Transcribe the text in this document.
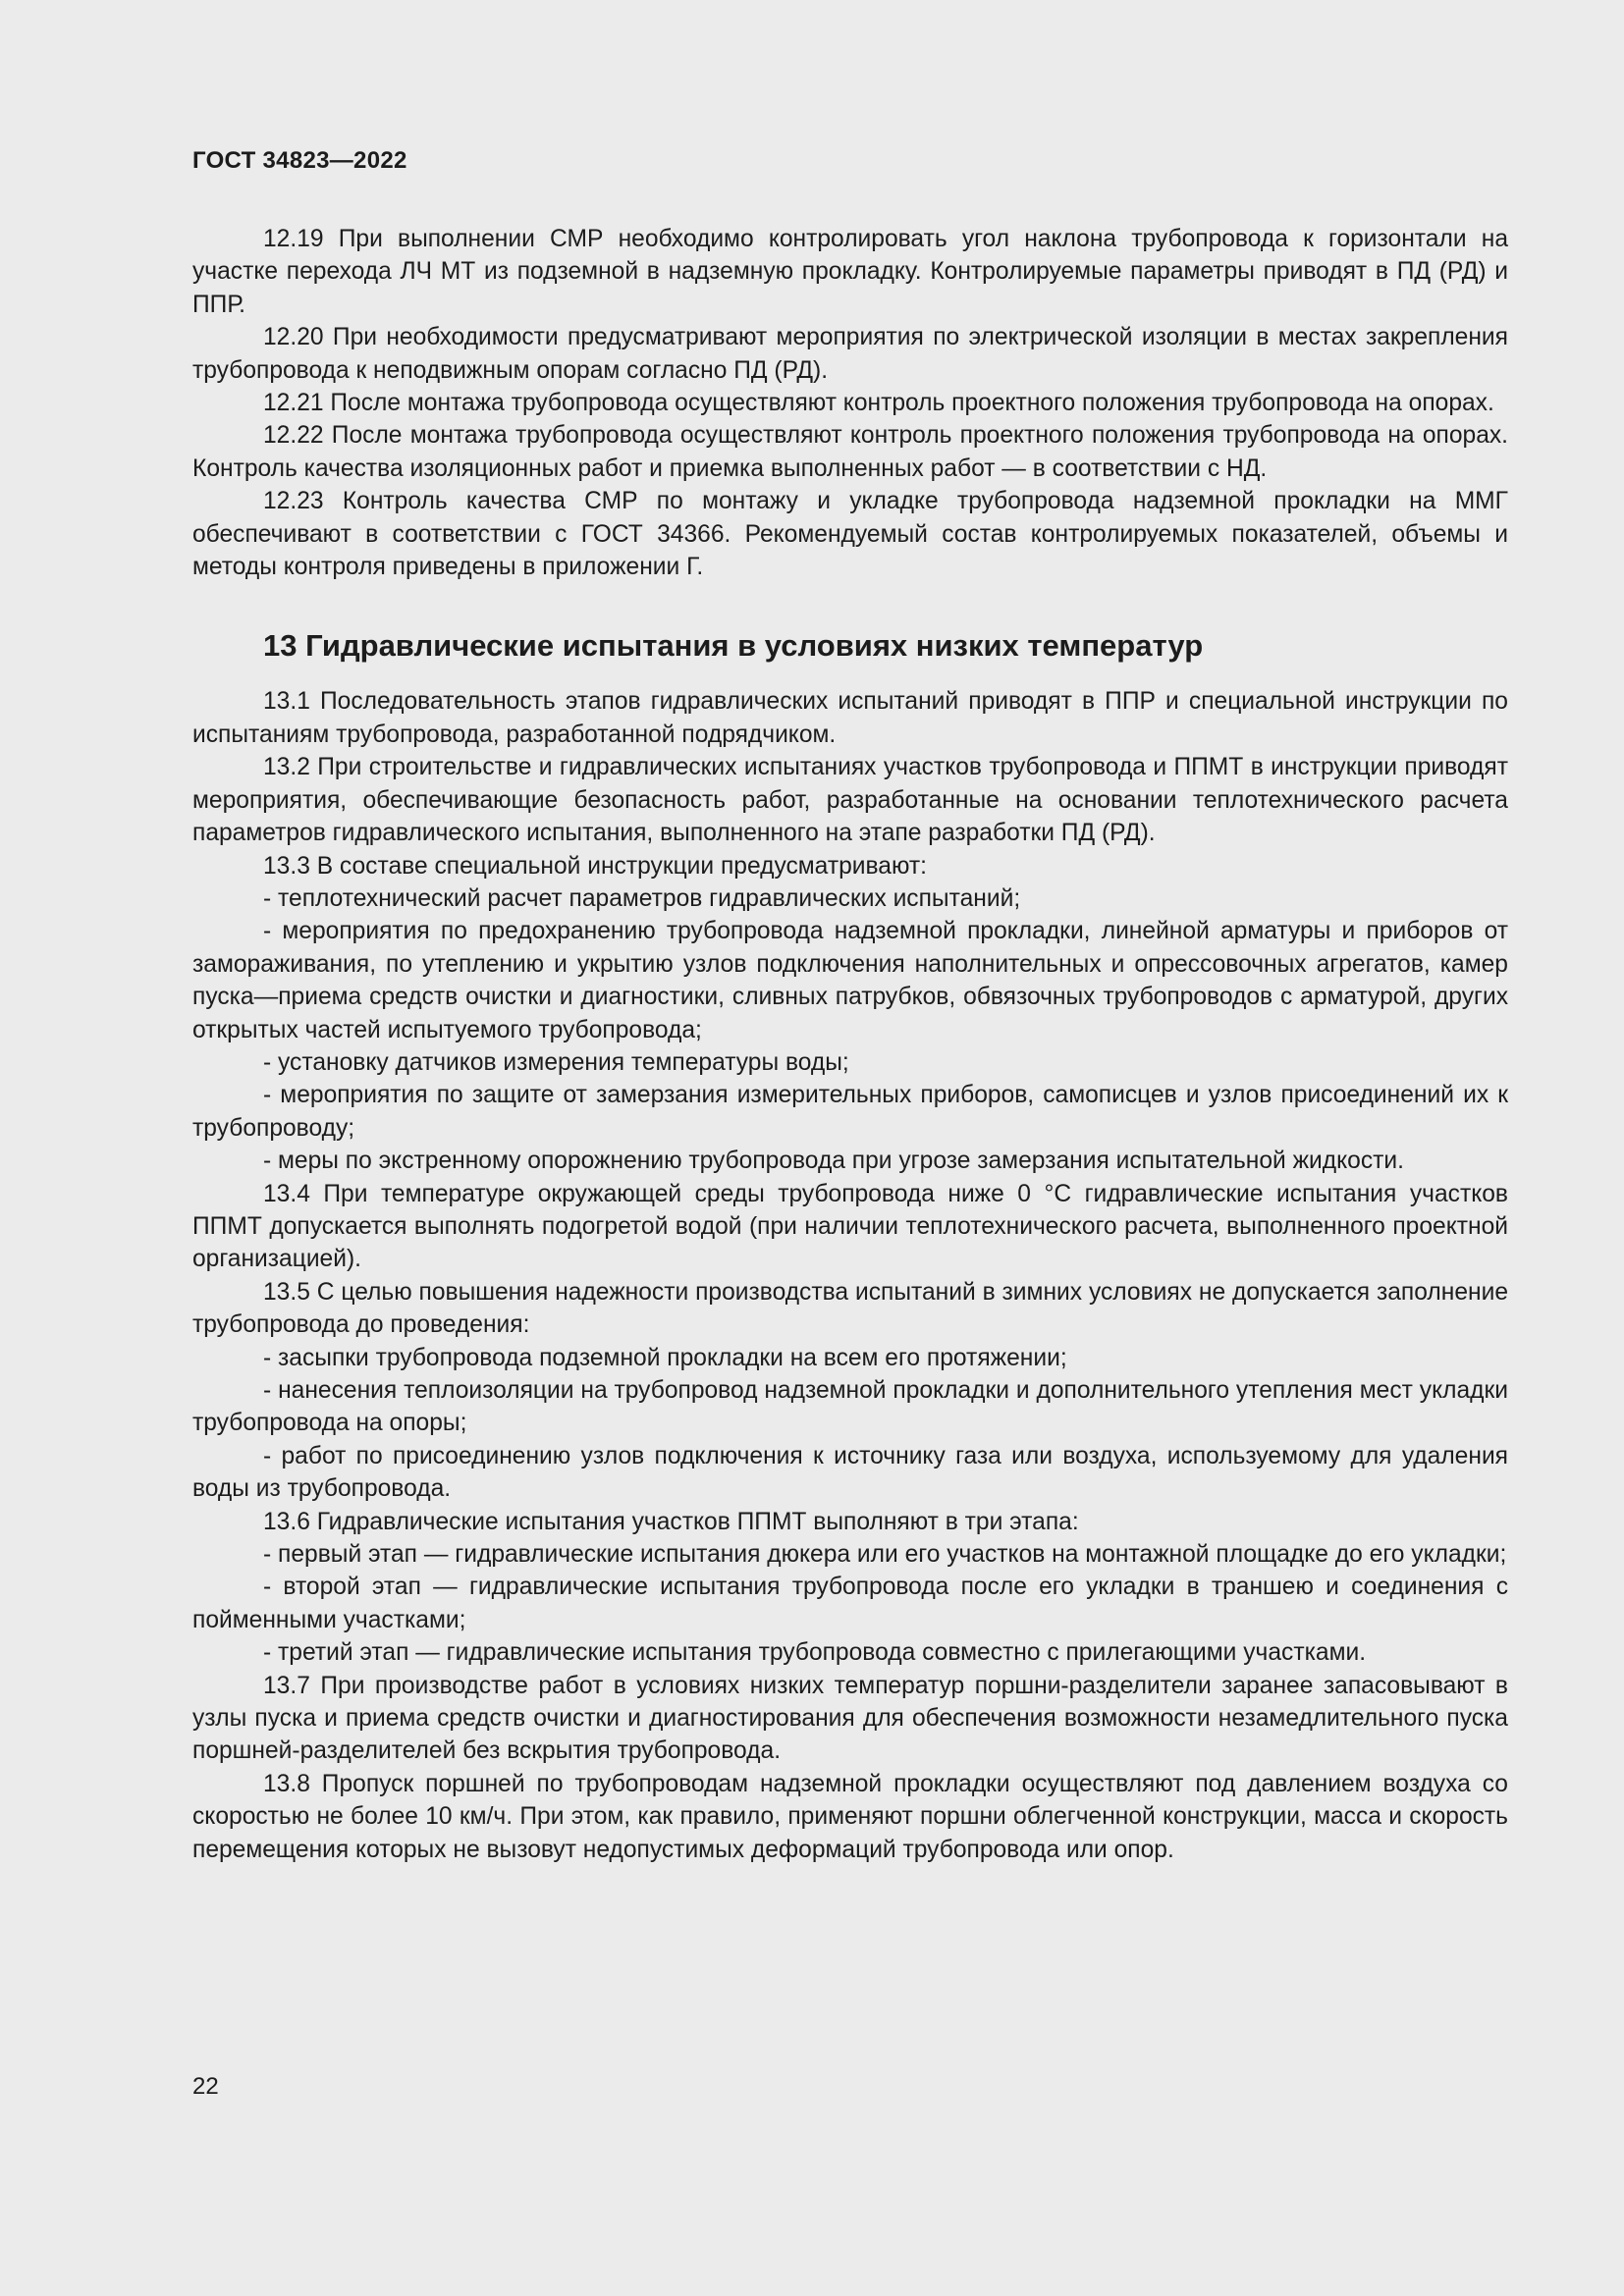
ГОСТ 34823—2022

12.19 При выполнении СМР необходимо контролировать угол наклона трубопровода к горизонтали на участке перехода ЛЧ МТ из подземной в надземную прокладку. Контролируемые параметры приводят в ПД (РД) и ППР.

12.20 При необходимости предусматривают мероприятия по электрической изоляции в местах закрепления трубопровода к неподвижным опорам согласно ПД (РД).

12.21 После монтажа трубопровода осуществляют контроль проектного положения трубопровода на опорах.

12.22 После монтажа трубопровода осуществляют контроль проектного положения трубопровода на опорах. Контроль качества изоляционных работ и приемка выполненных работ — в соответствии с НД.

12.23 Контроль качества СМР по монтажу и укладке трубопровода надземной прокладки на ММГ обеспечивают в соответствии с ГОСТ 34366. Рекомендуемый состав контролируемых показателей, объемы и методы контроля приведены в приложении Г.

13 Гидравлические испытания в условиях низких температур

13.1 Последовательность этапов гидравлических испытаний приводят в ППР и специальной инструкции по испытаниям трубопровода, разработанной подрядчиком.

13.2 При строительстве и гидравлических испытаниях участков трубопровода и ППМТ в инструкции приводят мероприятия, обеспечивающие безопасность работ, разработанные на основании теплотехнического расчета параметров гидравлического испытания, выполненного на этапе разработки ПД (РД).

13.3 В составе специальной инструкции предусматривают:

- теплотехнический расчет параметров гидравлических испытаний;

- мероприятия по предохранению трубопровода надземной прокладки, линейной арматуры и приборов от замораживания, по утеплению и укрытию узлов подключения наполнительных и опрессовочных агрегатов, камер пуска—приема средств очистки и диагностики, сливных патрубков, обвязочных трубопроводов с арматурой, других открытых частей испытуемого трубопровода;

- установку датчиков измерения температуры воды;

- мероприятия по защите от замерзания измерительных приборов, самописцев и узлов присоединений их к трубопроводу;

- меры по экстренному опорожнению трубопровода при угрозе замерзания испытательной жидкости.

13.4 При температуре окружающей среды трубопровода ниже 0 °С гидравлические испытания участков ППМТ допускается выполнять подогретой водой (при наличии теплотехнического расчета, выполненного проектной организацией).

13.5 С целью повышения надежности производства испытаний в зимних условиях не допускается заполнение трубопровода до проведения:

- засыпки трубопровода подземной прокладки на всем его протяжении;

- нанесения теплоизоляции на трубопровод надземной прокладки и дополнительного утепления мест укладки трубопровода на опоры;

- работ по присоединению узлов подключения к источнику газа или воздуха, используемому для удаления воды из трубопровода.

13.6 Гидравлические испытания участков ППМТ выполняют в три этапа:

- первый этап — гидравлические испытания дюкера или его участков на монтажной площадке до его укладки;

- второй этап — гидравлические испытания трубопровода после его укладки в траншею и соединения с пойменными участками;

- третий этап — гидравлические испытания трубопровода совместно с прилегающими участками.

13.7 При производстве работ в условиях низких температур поршни-разделители заранее запасовывают в узлы пуска и приема средств очистки и диагностирования для обеспечения возможности незамедлительного пуска поршней-разделителей без вскрытия трубопровода.

13.8 Пропуск поршней по трубопроводам надземной прокладки осуществляют под давлением воздуха со скоростью не более 10 км/ч. При этом, как правило, применяют поршни облегченной конструкции, масса и скорость перемещения которых не вызовут недопустимых деформаций трубопровода или опор.

22
